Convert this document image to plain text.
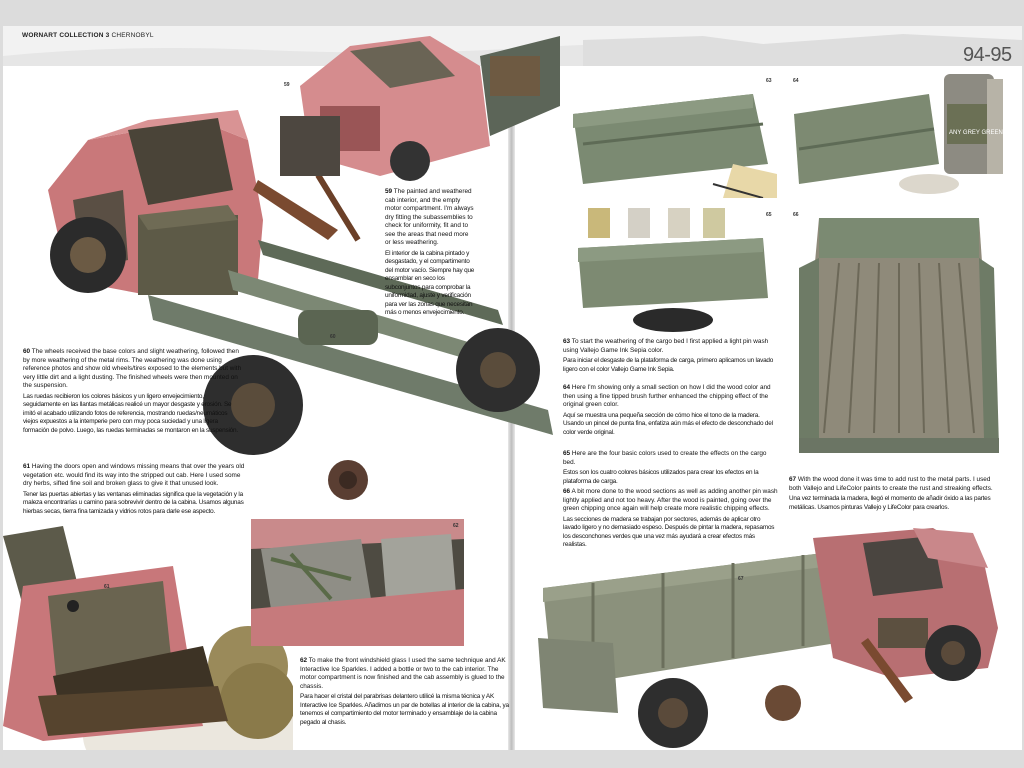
WORNART COLLECTION 3 CHERNOBYL
94-95
59
60
59 The painted and weathered cab interior, and the empty motor compartment. I'm always dry fitting the subassemblies to check for uniformity, fit and to see the areas that need more or less weathering.
El interior de la cabina pintado y desgastado, y el compartimento del motor vacío. Siempre hay que ensamblar en seco los subconjuntos para comprobar la uniformidad, ajuste y verificación para ver las zonas que necesitan más o menos envejecimiento.
60 The wheels received the base colors and slight weathering, followed then by more weathering of the metal rims. The weathering was done using reference photos and show old wheels/tires exposed to the elements but with very little dirt and a light dusting. The finished wheels were then mounted on the suspension.
Las ruedas recibieron los colores básicos y un ligero envejecimiento, seguidamente en las llantas metálicas realicé un mayor desgaste y erosión. Se imitó el acabado utilizando fotos de referencia, mostrando ruedas/neumáticos viejos expuestos a la intemperie pero con muy poca suciedad y una ligera formación de polvo. Luego, las ruedas terminadas se montaron en la suspensión.
61 Having the doors open and windows missing means that over the years old vegetation etc. would find its way into the stripped out cab. Here I used some dry herbs, sifted fine soil and broken glass to give it that unused look.
Tener las puertas abiertas y las ventanas eliminadas significa que la vegetación y la maleza encontrarías u camino para sobrevivir dentro de la cabina. Usamos algunas hierbas secas, tierra fina tamizada y vidrios rotos para darle ese aspecto.
61
62
62 To make the front windshield glass I used the same technique and AK Interactive Ice Sparkles. I added a bottle or two to the cab interior. The motor compartment is now finished and the cab assembly is glued to the chassis.
Para hacer el cristal del parabrisas delantero utilicé la misma técnica y AK Interactive Ice Sparkles. Añadimos un par de botellas al interior de la cabina, ya tenemos el compartimiento del motor terminado y ensamblaje de la cabina pegado al chasis.
63
ANY GREY GREEN
64
65	66
63 To start the weathering of the cargo bed I first applied a light pin wash using Vallejo Game Ink Sepia color.
Para iniciar el desgaste de la plataforma de carga, primero aplicamos un lavado ligero con el color Vallejo Game Ink Sepia.
64 Here I'm showing only a small section on how I did the wood color and then using a fine tipped brush further enhanced the chipping effect of the original green color.
Aquí se muestra una pequeña sección de cómo hice el tono de la madera. Usando un pincel de punta fina, enfatiza aún más el efecto de desconchado del color verde original.
65 Here are the four basic colors used to create the effects on the cargo bed.
Estos son los cuatro colores básicos utilizados para crear los efectos en la plataforma de carga.
66 A bit more done to the wood sections as well as adding another pin wash lightly applied and not too heavy. After the wood is painted, going over the green chipping once again will help create more realistic chipping effects.
Las secciones de madera se trabajan por sectores, además de aplicar otro lavado ligero y no demasiado espeso. Después de pintar la madera, repasamos los desconchones verdes que una vez más ayudará a crear efectos más realistas.
67 With the wood done it was time to add rust to the metal parts. I used both Vallejo and LifeColor paints to create the rust and streaking effects.
Una vez terminada la madera, llegó el momento de añadir óxido a las partes metálicas. Usamos pinturas Vallejo y LifeColor para crearlos.
67
